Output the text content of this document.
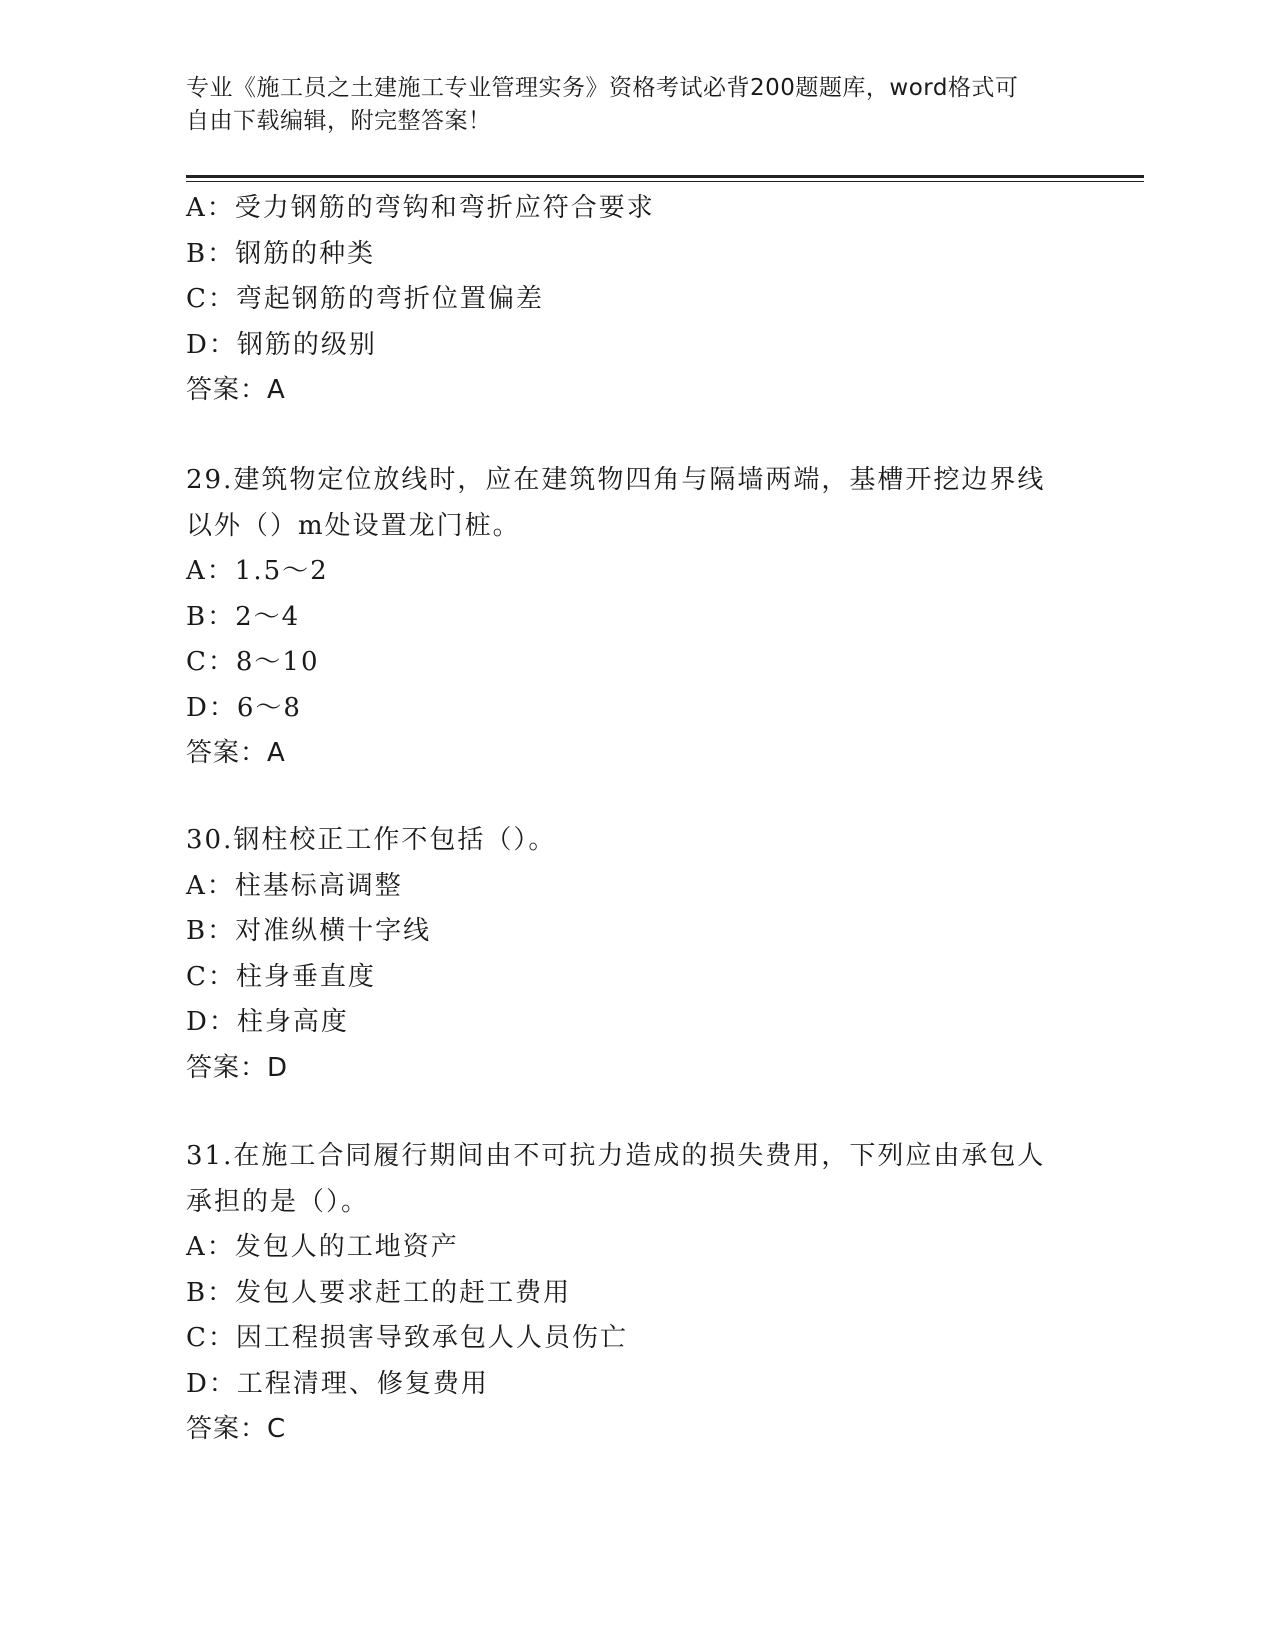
专业《施工员之土建施工专业管理实务》资格考试必背200题题库，word格式可
自由下载编辑，附完整答案！
A：受力钢筋的弯钩和弯折应符合要求
B：钢筋的种类
C：弯起钢筋的弯折位置偏差
D：钢筋的级别
答案：A
29.建筑物定位放线时，应在建筑物四角与隔墙两端，基槽开挖边界线
以外（）m处设置龙门桩。
A：1.5～2
B：2～4
C：8～10
D：6～8
答案：A
30.钢柱校正工作不包括（）。
A：柱基标高调整
B：对准纵横十字线
C：柱身垂直度
D：柱身高度
答案：D
31.在施工合同履行期间由不可抗力造成的损失费用，下列应由承包人
承担的是（）。
A：发包人的工地资产
B：发包人要求赶工的赶工费用
C：因工程损害导致承包人人员伤亡
D：工程清理、修复费用
答案：C
